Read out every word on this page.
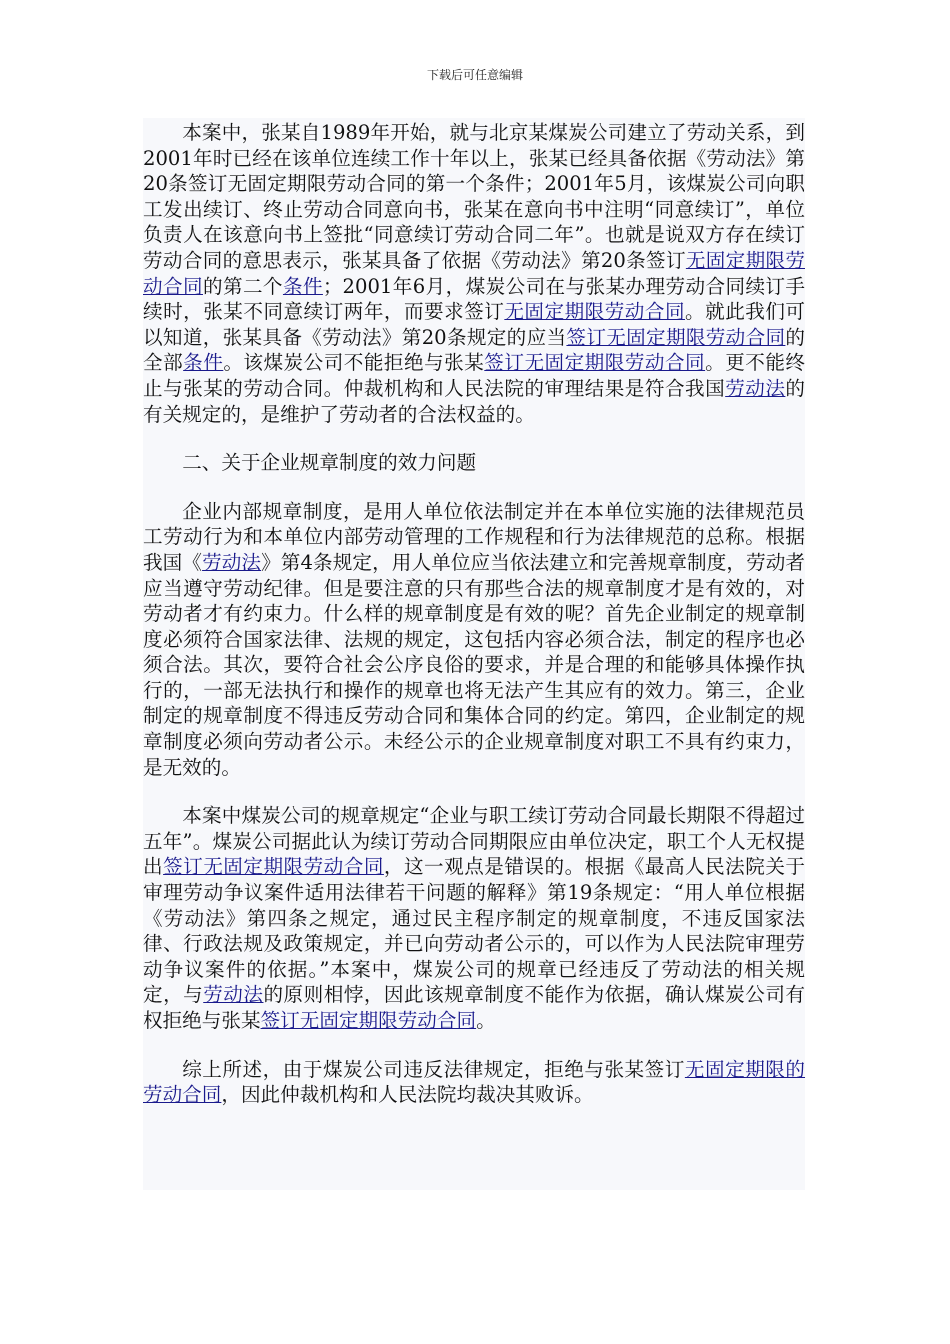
下载后可任意编辑

本案中，张某自1989年开始，就与北京某煤炭公司建立了劳动关系，到2001年时已经在该单位连续工作十年以上，张某已经具备依据《劳动法》第20条签订无固定期限劳动合同的第一个条件；2001年5月，该煤炭公司向职工发出续订、终止劳动合同意向书，张某在意向书中注明“同意续订”，单位负责人在该意向书上签批“同意续订劳动合同二年”。也就是说双方存在续订劳动合同的意思表示，张某具备了依据《劳动法》第20条签订无固定期限劳动合同的第二个条件；2001年6月，煤炭公司在与张某办理劳动合同续订手续时，张某不同意续订两年，而要求签订无固定期限劳动合同。就此我们可以知道，张某具备《劳动法》第20条规定的应当签订无固定期限劳动合同的全部条件。该煤炭公司不能拒绝与张某签订无固定期限劳动合同。更不能终止与张某的劳动合同。仲裁机构和人民法院的审理结果是符合我国劳动法的有关规定的，是维护了劳动者的合法权益的。

二、关于企业规章制度的效力问题

企业内部规章制度，是用人单位依法制定并在本单位实施的法律规范员工劳动行为和本单位内部劳动管理的工作规程和行为法律规范的总称。根据我国《劳动法》第4条规定，用人单位应当依法建立和完善规章制度，劳动者应当遵守劳动纪律。但是要注意的只有那些合法的规章制度才是有效的，对劳动者才有约束力。什么样的规章制度是有效的呢？首先企业制定的规章制度必须符合国家法律、法规的规定，这包括内容必须合法，制定的程序也必须合法。其次，要符合社会公序良俗的要求，并是合理的和能够具体操作执行的，一部无法执行和操作的规章也将无法产生其应有的效力。第三，企业制定的规章制度不得违反劳动合同和集体合同的约定。第四，企业制定的规章制度必须向劳动者公示。未经公示的企业规章制度对职工不具有约束力，是无效的。

本案中煤炭公司的规章规定“企业与职工续订劳动合同最长期限不得超过五年”。煤炭公司据此认为续订劳动合同期限应由单位决定，职工个人无权提出签订无固定期限劳动合同，这一观点是错误的。根据《最高人民法院关于审理劳动争议案件适用法律若干问题的解释》第19条规定：“用人单位根据《劳动法》第四条之规定，通过民主程序制定的规章制度，不违反国家法律、行政法规及政策规定，并已向劳动者公示的，可以作为人民法院审理劳动争议案件的依据。”本案中，煤炭公司的规章已经违反了劳动法的相关规定，与劳动法的原则相悖，因此该规章制度不能作为依据，确认煤炭公司有权拒绝与张某签订无固定期限劳动合同。

综上所述，由于煤炭公司违反法律规定，拒绝与张某签订无固定期限的劳动合同，因此仲裁机构和人民法院均裁决其败诉。
